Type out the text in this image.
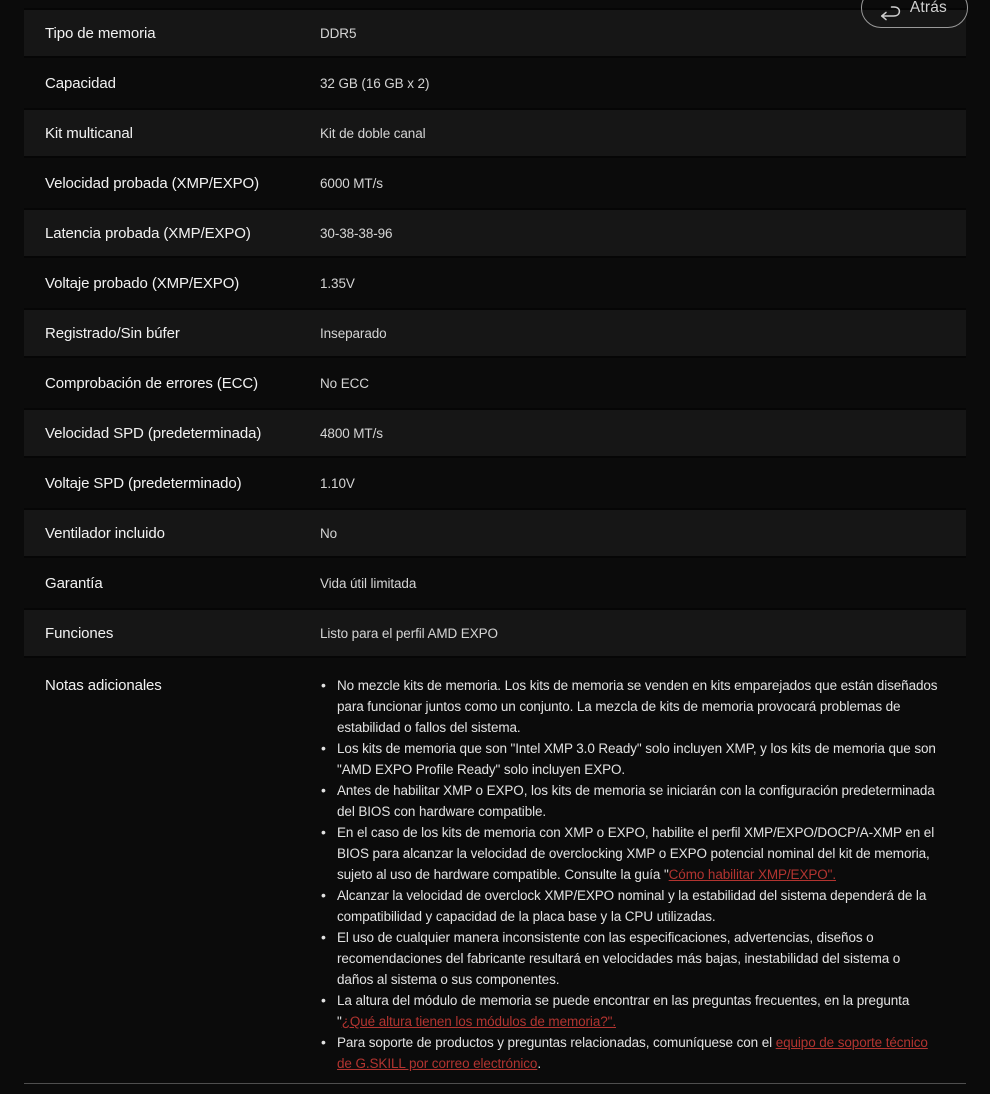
Atrás
Tipo de memoria	DDR5
Capacidad	32 GB (16 GB x 2)
Kit multicanal	Kit de doble canal
Velocidad probada (XMP/EXPO)	6000 MT/s
Latencia probada (XMP/EXPO)	30-38-38-96
Voltaje probado (XMP/EXPO)	1.35V
Registrado/Sin búfer	Inseparado
Comprobación de errores (ECC)	No ECC
Velocidad SPD (predeterminada)	4800 MT/s
Voltaje SPD (predeterminado)	1.10V
Ventilador incluido	No
Garantía	Vida útil limitada
Funciones	Listo para el perfil AMD EXPO
Notas adicionales	• No mezcle kits de memoria. Los kits de memoria se venden en kits emparejados que están diseñados para funcionar juntos como un conjunto. La mezcla de kits de memoria provocará problemas de estabilidad o fallos del sistema.
• Los kits de memoria que son "Intel XMP 3.0 Ready" solo incluyen XMP, y los kits de memoria que son "AMD EXPO Profile Ready" solo incluyen EXPO.
• Antes de habilitar XMP o EXPO, los kits de memoria se iniciarán con la configuración predeterminada del BIOS con hardware compatible.
• En el caso de los kits de memoria con XMP o EXPO, habilite el perfil XMP/EXPO/DOCP/A-XMP en el BIOS para alcanzar la velocidad de overclocking XMP o EXPO potencial nominal del kit de memoria, sujeto al uso de hardware compatible. Consulte la guía "Cómo habilitar XMP/EXPO".
• Alcanzar la velocidad de overclock XMP/EXPO nominal y la estabilidad del sistema dependerá de la compatibilidad y capacidad de la placa base y la CPU utilizadas.
• El uso de cualquier manera inconsistente con las especificaciones, advertencias, diseños o recomendaciones del fabricante resultará en velocidades más bajas, inestabilidad del sistema o daños al sistema o sus componentes.
• La altura del módulo de memoria se puede encontrar en las preguntas frecuentes, en la pregunta "¿Qué altura tienen los módulos de memoria?".
• Para soporte de productos y preguntas relacionadas, comuníquese con el equipo de soporte técnico de G.SKILL por correo electrónico.
